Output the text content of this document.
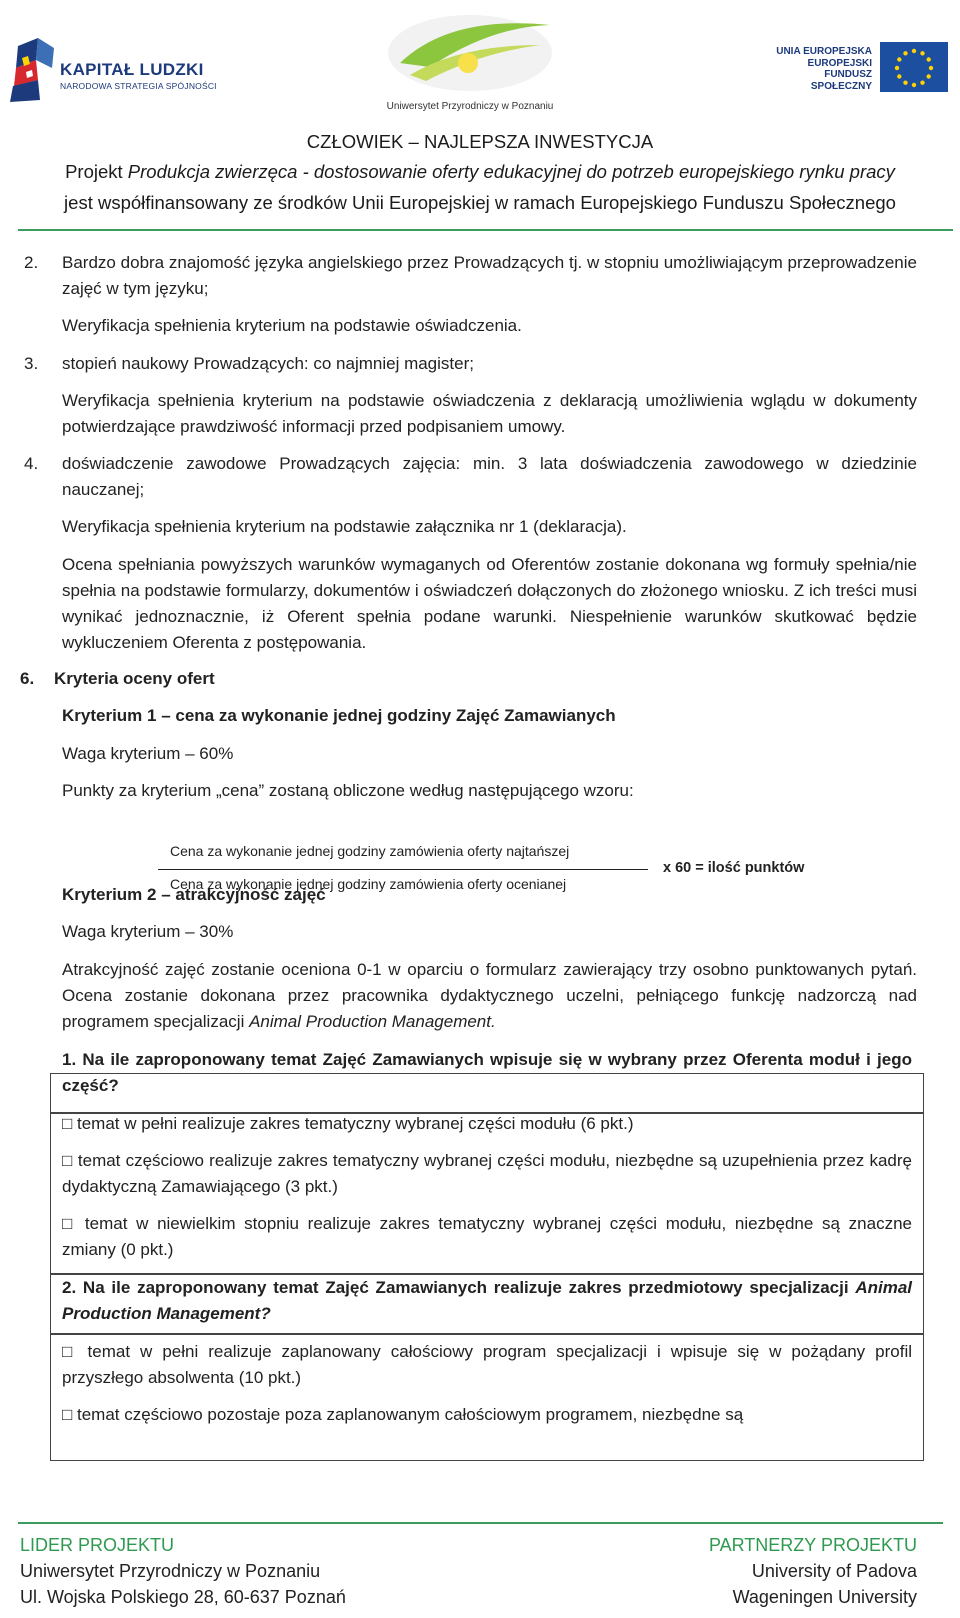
KAPITAŁ LUDZKI
NARODOWA STRATEGIA SPÓJNOŚCI
Uniwersytet Przyrodniczy w Poznaniu
UNIA EUROPEJSKA
EUROPEJSKI
FUNDUSZ SPOŁECZNY
CZŁOWIEK – NAJLEPSZA INWESTYCJA
Projekt Produkcja zwierzęca - dostosowanie oferty edukacyjnej do potrzeb europejskiego rynku pracy
jest współfinansowany ze środków Unii Europejskiej w ramach Europejskiego Funduszu Społecznego
2. Bardzo dobra znajomość języka angielskiego przez Prowadzących tj. w stopniu umożliwiającym przeprowadzenie zajęć w tym języku;
Weryfikacja spełnienia kryterium na podstawie oświadczenia.
3. stopień naukowy Prowadzących: co najmniej magister;
Weryfikacja spełnienia kryterium na podstawie oświadczenia z deklaracją umożliwienia wglądu w dokumenty potwierdzające prawdziwość informacji przed podpisaniem umowy.
4. doświadczenie zawodowe Prowadzących zajęcia: min. 3 lata doświadczenia zawodowego w dziedzinie nauczanej;
Weryfikacja spełnienia kryterium na podstawie załącznika nr 1 (deklaracja).
Ocena spełniania powyższych warunków wymaganych od Oferentów zostanie dokonana wg formuły spełnia/nie spełnia na podstawie formularzy, dokumentów i oświadczeń dołączonych do złożonego wniosku. Z ich treści musi wynikać jednoznacznie, iż Oferent spełnia podane warunki. Niespełnienie warunków skutkować będzie wykluczeniem Oferenta z postępowania.
6. Kryteria oceny ofert
Kryterium 1 – cena za wykonanie jednej godziny Zajęć Zamawianych
Waga kryterium – 60%
Punkty za kryterium „cena” zostaną obliczone według następującego wzoru:
Cena za wykonanie jednej godziny zamówienia oferty najtańszej
Cena za wykonanie jednej godziny zamówienia oferty ocenianej
x 60 = ilość punktów
Kryterium 2 – atrakcyjność zajęć
Waga kryterium – 30%
Atrakcyjność zajęć zostanie oceniona 0-1 w oparciu o formularz zawierający trzy osobno punktowanych pytań. Ocena zostanie dokonana przez pracownika dydaktycznego uczelni, pełniącego funkcję nadzorczą nad programem specjalizacji Animal Production Management.
1. Na ile zaproponowany temat Zajęć Zamawianych wpisuje się w wybrany przez Oferenta moduł i jego część?
□ temat w pełni realizuje zakres tematyczny wybranej części modułu (6 pkt.)
□ temat częściowo realizuje zakres tematyczny wybranej części modułu, niezbędne są uzupełnienia przez kadrę dydaktyczną Zamawiającego (3 pkt.)
□ temat w niewielkim stopniu realizuje zakres tematyczny wybranej części modułu, niezbędne są znaczne zmiany (0 pkt.)
2. Na ile zaproponowany temat Zajęć Zamawianych realizuje zakres przedmiotowy specjalizacji Animal Production Management?
□ temat w pełni realizuje zaplanowany całościowy program specjalizacji i wpisuje się w pożądany profil przyszłego absolwenta (10 pkt.)
□ temat częściowo pozostaje poza zaplanowanym całościowym programem, niezbędne są
LIDER PROJEKTU
Uniwersytet Przyrodniczy w Poznaniu
Ul. Wojska Polskiego 28, 60-637 Poznań
PARTNERZY PROJEKTU
University of Padova
Wageningen University
